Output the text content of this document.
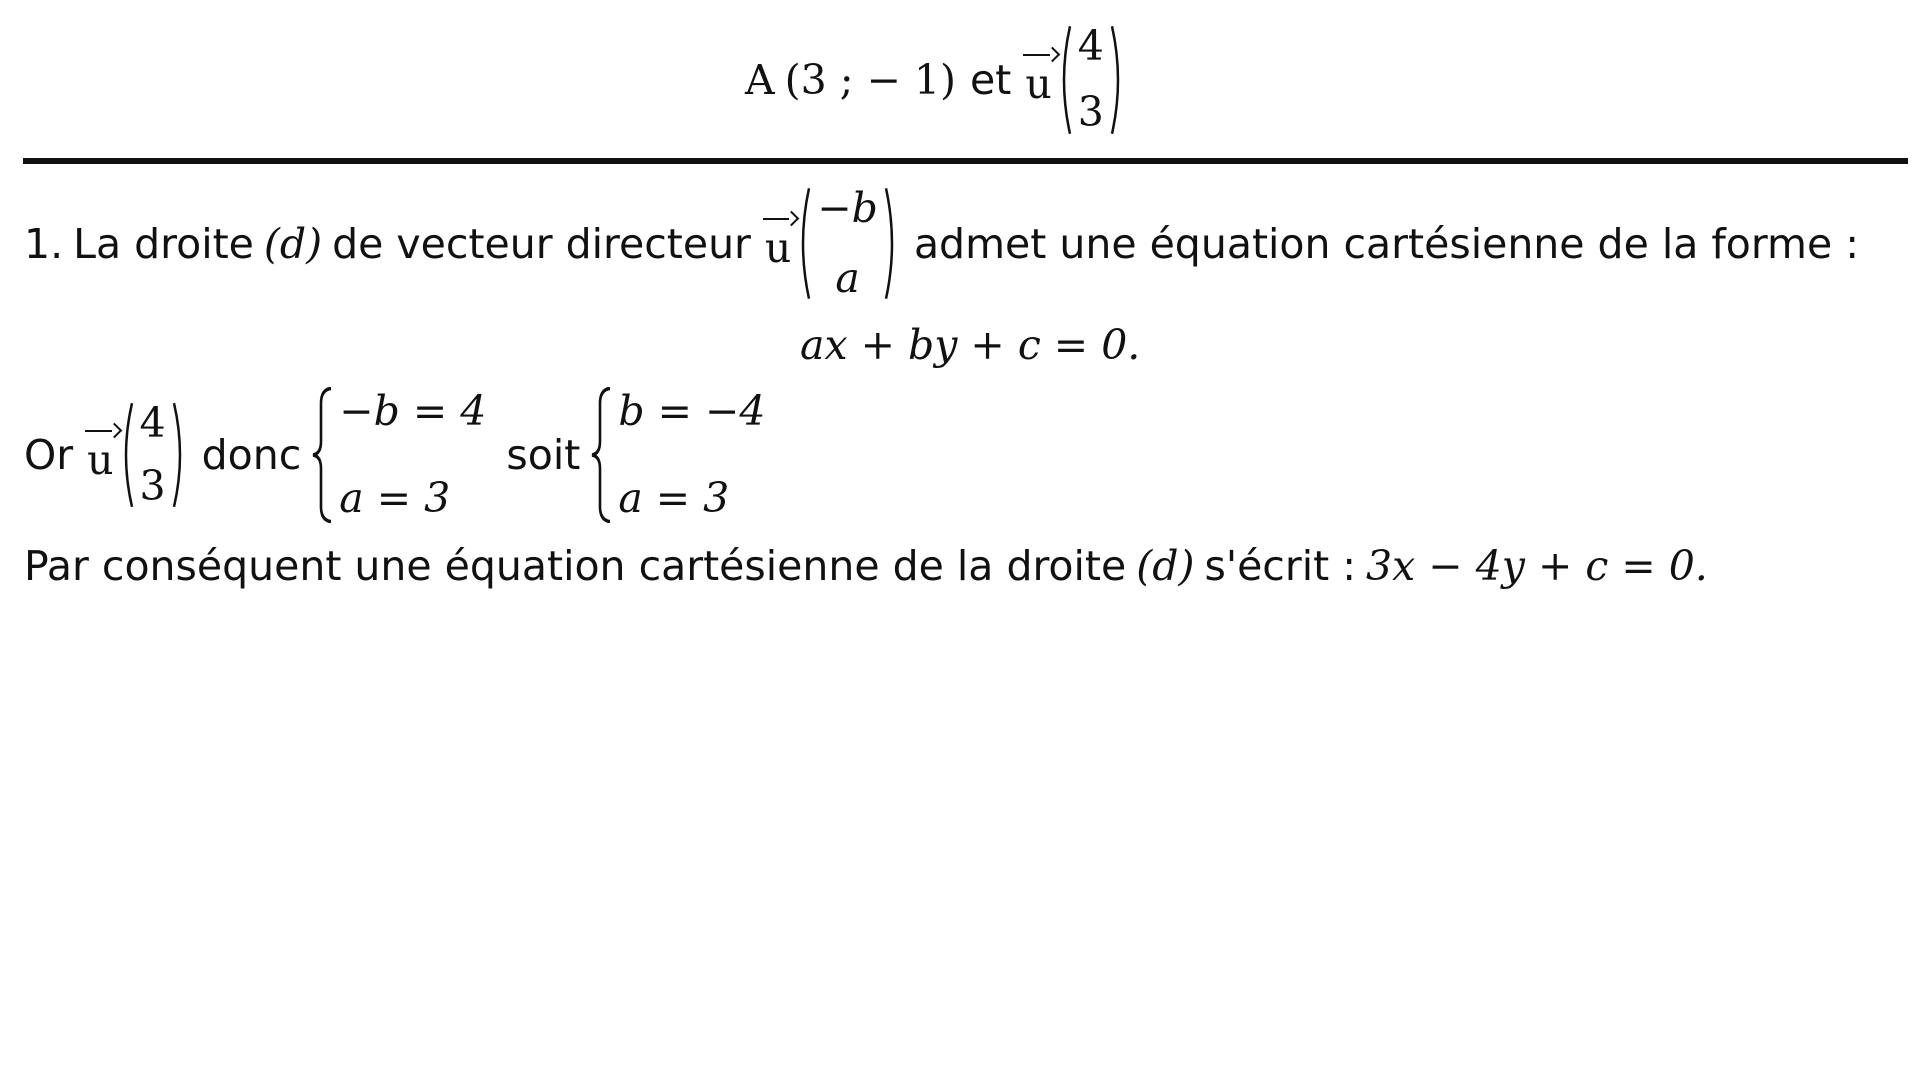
A (3 ; − 1) et u
4
3
1. La droite (d) de vecteur directeur u
−b
a
admet une équation cartésienne de la forme :
ax + by + c = 0.
Or u
4
3
donc
−b = 4
a = 3
soit
b = −4
a = 3
Par conséquent une équation cartésienne de la droite (d) s'écrit : 3x − 4y + c = 0.
